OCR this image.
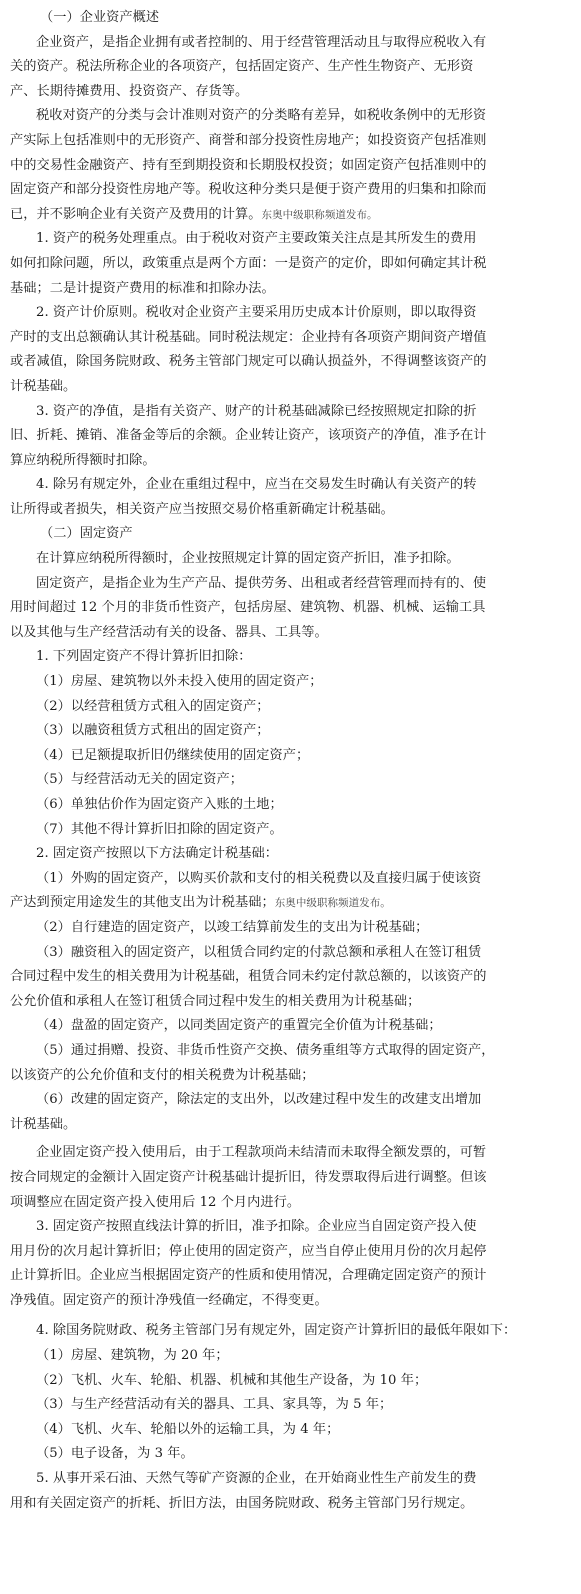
（一）企业资产概述

企业资产，是指企业拥有或者控制的、用于经营管理活动且与取得应税收入有

关的资产。税法所称企业的各项资产，包括固定资产、生产性生物资产、无形资

产、长期待摊费用、投资资产、存货等。

税收对资产的分类与会计准则对资产的分类略有差异，如税收条例中的无形资

产实际上包括准则中的无形资产、商誉和部分投资性房地产；如投资资产包括准则

中的交易性金融资产、持有至到期投资和长期股权投资；如固定资产包括准则中的

固定资产和部分投资性房地产等。税收这种分类只是便于资产费用的归集和扣除而

已，并不影响企业有关资产及费用的计算。东奥中级职称频道发布。

1. 资产的税务处理重点。由于税收对资产主要政策关注点是其所发生的费用

如何扣除问题，所以，政策重点是两个方面：一是资产的定价，即如何确定其计税

基础；二是计提资产费用的标准和扣除办法。

2. 资产计价原则。税收对企业资产主要采用历史成本计价原则，即以取得资

产时的支出总额确认其计税基础。同时税法规定：企业持有各项资产期间资产增值

或者减值，除国务院财政、税务主管部门规定可以确认损益外，不得调整该资产的

计税基础。

3. 资产的净值，是指有关资产、财产的计税基础减除已经按照规定扣除的折

旧、折耗、摊销、准备金等后的余额。企业转让资产，该项资产的净值，准予在计

算应纳税所得额时扣除。

4. 除另有规定外，企业在重组过程中，应当在交易发生时确认有关资产的转

让所得或者损失，相关资产应当按照交易价格重新确定计税基础。

（二）固定资产

在计算应纳税所得额时，企业按照规定计算的固定资产折旧，准予扣除。

固定资产，是指企业为生产产品、提供劳务、出租或者经营管理而持有的、使

用时间超过 12 个月的非货币性资产，包括房屋、建筑物、机器、机械、运输工具

以及其他与生产经营活动有关的设备、器具、工具等。

1. 下列固定资产不得计算折旧扣除：

（1）房屋、建筑物以外未投入使用的固定资产；

（2）以经营租赁方式租入的固定资产；

（3）以融资租赁方式租出的固定资产；

（4）已足额提取折旧仍继续使用的固定资产；

（5）与经营活动无关的固定资产；

（6）单独估价作为固定资产入账的土地；

（7）其他不得计算折旧扣除的固定资产。

2. 固定资产按照以下方法确定计税基础：

（1）外购的固定资产，以购买价款和支付的相关税费以及直接归属于使该资

产达到预定用途发生的其他支出为计税基础；东奥中级职称频道发布。

（2）自行建造的固定资产，以竣工结算前发生的支出为计税基础；

（3）融资租入的固定资产，以租赁合同约定的付款总额和承租人在签订租赁

合同过程中发生的相关费用为计税基础，租赁合同未约定付款总额的，以该资产的

公允价值和承租人在签订租赁合同过程中发生的相关费用为计税基础；

（4）盘盈的固定资产，以同类固定资产的重置完全价值为计税基础；

（5）通过捐赠、投资、非货币性资产交换、债务重组等方式取得的固定资产，

以该资产的公允价值和支付的相关税费为计税基础；

（6）改建的固定资产，除法定的支出外，以改建过程中发生的改建支出增加

计税基础。

企业固定资产投入使用后，由于工程款项尚未结清而未取得全额发票的，可暂

按合同规定的金额计入固定资产计税基础计提折旧，待发票取得后进行调整。但该

项调整应在固定资产投入使用后 12 个月内进行。

3. 固定资产按照直线法计算的折旧，准予扣除。企业应当自固定资产投入使

用月份的次月起计算折旧；停止使用的固定资产，应当自停止使用月份的次月起停

止计算折旧。企业应当根据固定资产的性质和使用情况，合理确定固定资产的预计

净残值。固定资产的预计净残值一经确定，不得变更。

4. 除国务院财政、税务主管部门另有规定外，固定资产计算折旧的最低年限如下：

（1）房屋、建筑物，为 20 年；

（2）飞机、火车、轮船、机器、机械和其他生产设备，为 10 年；

（3）与生产经营活动有关的器具、工具、家具等，为 5 年；

（4）飞机、火车、轮船以外的运输工具，为 4 年；

（5）电子设备，为 3 年。

5. 从事开采石油、天然气等矿产资源的企业，在开始商业性生产前发生的费

用和有关固定资产的折耗、折旧方法，由国务院财政、税务主管部门另行规定。
